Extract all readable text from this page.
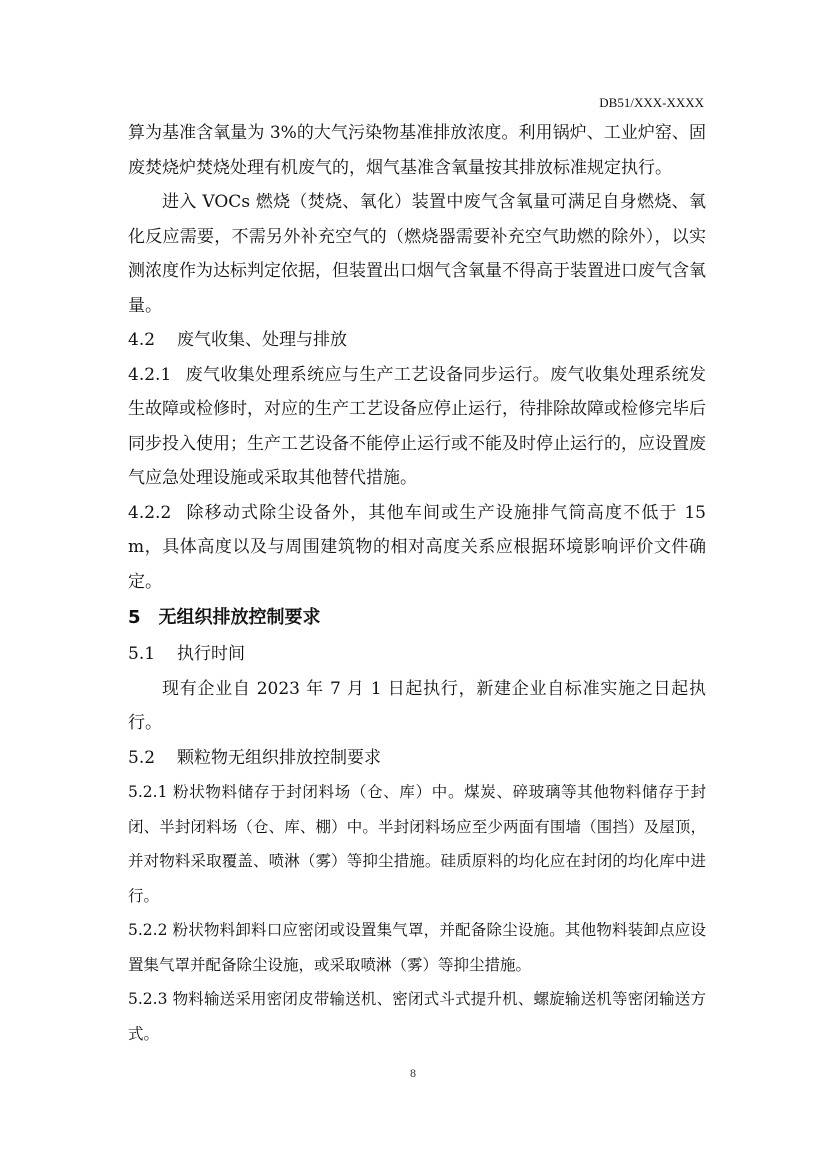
DB51/XXX-XXXX

算为基准含氧量为 3%的大气污染物基准排放浓度。利用锅炉、工业炉窑、固废焚烧炉焚烧处理有机废气的，烟气基准含氧量按其排放标准规定执行。

进入 VOCs 燃烧（焚烧、氧化）装置中废气含氧量可满足自身燃烧、氧化反应需要，不需另外补充空气的（燃烧器需要补充空气助燃的除外），以实测浓度作为达标判定依据，但装置出口烟气含氧量不得高于装置进口废气含氧量。

4.2 废气收集、处理与排放

4.2.1 废气收集处理系统应与生产工艺设备同步运行。废气收集处理系统发生故障或检修时，对应的生产工艺设备应停止运行，待排除故障或检修完毕后同步投入使用；生产工艺设备不能停止运行或不能及时停止运行的，应设置废气应急处理设施或采取其他替代措施。

4.2.2 除移动式除尘设备外，其他车间或生产设施排气筒高度不低于 15 m，具体高度以及与周围建筑物的相对高度关系应根据环境影响评价文件确定。

5 无组织排放控制要求

5.1 执行时间

现有企业自 2023 年 7 月 1 日起执行，新建企业自标准实施之日起执行。

5.2 颗粒物无组织排放控制要求

5.2.1 粉状物料储存于封闭料场（仓、库）中。煤炭、碎玻璃等其他物料储存于封闭、半封闭料场（仓、库、棚）中。半封闭料场应至少两面有围墙（围挡）及屋顶，并对物料采取覆盖、喷淋（雾）等抑尘措施。硅质原料的均化应在封闭的均化库中进行。

5.2.2 粉状物料卸料口应密闭或设置集气罩，并配备除尘设施。其他物料装卸点应设置集气罩并配备除尘设施，或采取喷淋（雾）等抑尘措施。

5.2.3 物料输送采用密闭皮带输送机、密闭式斗式提升机、螺旋输送机等密闭输送方式。

8
